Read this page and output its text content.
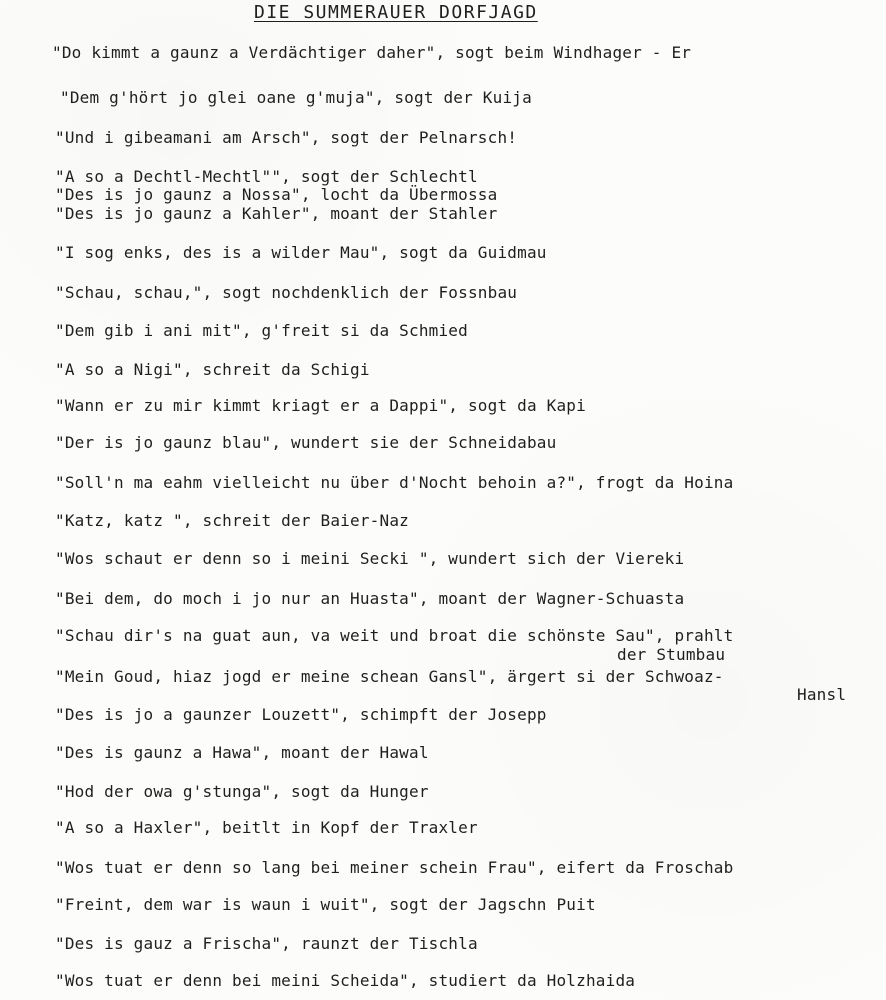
DIE SUMMERAUER DORFJAGD

"Do kimmt a gaunz a Verdächtiger daher", sogt beim Windhager - Er

"Dem g'hört jo glei oane g'muja", sogt der Kuija

"Und i gibeamani am Arsch", sogt der Pelnarsch!

"A so a Dechtl-Mechtl"", sogt der Schlechtl

"Des is jo gaunz a Nossa", locht da Übermossa

"Des is jo gaunz a Kahler", moant der Stahler

"I sog enks, des is a wilder Mau", sogt da Guidmau

"Schau, schau,", sogt nochdenklich der Fossnbau

"Dem gib i ani mit", g'freit si da Schmied

"A so a Nigi", schreit da Schigi

"Wann er zu mir kimmt kriagt er a Dappi", sogt da Kapi

"Der is jo gaunz blau", wundert sie der Schneidabau

"Soll'n ma eahm vielleicht nu über d'Nocht behoin a?", frogt da Hoina

"Katz, katz ", schreit der Baier-Naz

"Wos schaut er denn so i meini Secki ", wundert sich der Viereki

"Bei dem, do moch i jo nur an Huasta", moant der Wagner-Schuasta

"Schau dir's na guat aun, va weit und broat die schönste Sau", prahlt

der Stumbau

"Mein Goud, hiaz jogd er meine schean Gansl", ärgert si der Schwoaz-

Hansl

"Des is jo a gaunzer Louzett", schimpft der Josepp

"Des is gaunz a Hawa", moant der Hawal

"Hod der owa g'stunga", sogt da Hunger

"A so a Haxler", beitlt in Kopf der Traxler

"Wos tuat er denn so lang bei meiner schein Frau", eifert da Froschab

"Freint, dem war is waun i wuit", sogt der Jagschn Puit

"Des is gauz a Frischa", raunzt der Tischla

"Wos tuat er denn bei meini Scheida", studiert da Holzhaida
